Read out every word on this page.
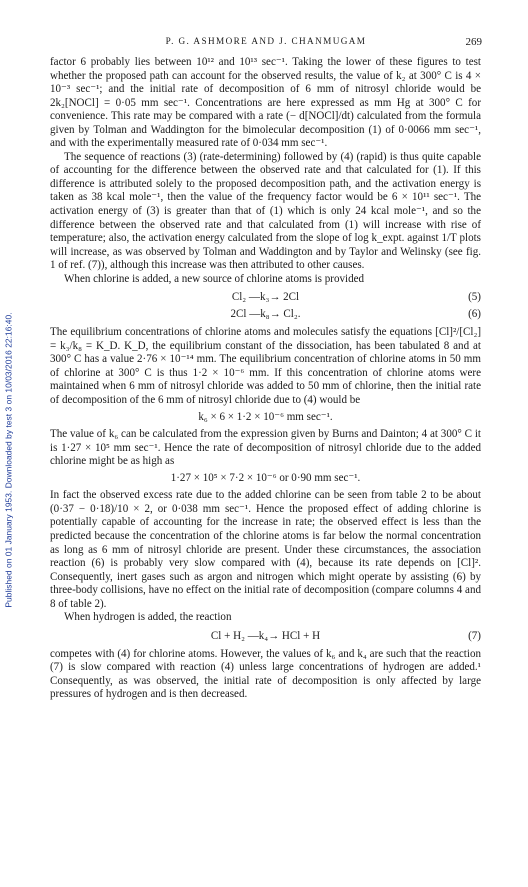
Published on 01 January 1953. Downloaded by test 3 on 10/03/2016 22:16:40.
P. G. ASHMORE AND J. CHANMUGAM	269

factor 6 probably lies between 10¹² and 10¹³ sec⁻¹. Taking the lower of these figures to test whether the proposed path can account for the observed results, the value of k₂ at 300° C is 4 × 10⁻³ sec⁻¹; and the initial rate of decomposition of 6 mm of nitrosyl chloride would be 2k₂[NOCl] = 0·05 mm sec⁻¹. Concentrations are here expressed as mm Hg at 300° C for convenience. This rate may be compared with a rate (− d[NOCl]/dt) calculated from the formula given by Tolman and Waddington for the bimolecular decomposition (1) of 0·0066 mm sec⁻¹, and with the experimentally measured rate of 0·034 mm sec⁻¹.

The sequence of reactions (3) (rate-determining) followed by (4) (rapid) is thus quite capable of accounting for the difference between the observed rate and that calculated for (1). If this difference is attributed solely to the proposed decomposition path, and the activation energy is taken as 38 kcal mole⁻¹, then the value of the frequency factor would be 6 × 10¹¹ sec⁻¹. The activation energy of (3) is greater than that of (1) which is only 24 kcal mole⁻¹, and so the difference between the observed rate and that calculated from (1) will increase with rise of temperature; also, the activation energy calculated from the slope of log k_expt. against 1/T plots will increase, as was observed by Tolman and Waddington and by Taylor and Welinsky (see fig. 1 of ref. (7)), although this increase was then attributed to other causes.

When chlorine is added, a new source of chlorine atoms is provided

Cl₂ —k₃→ 2Cl	(5)
2Cl —k₈→ Cl₂.	(6)

The equilibrium concentrations of chlorine atoms and molecules satisfy the equations [Cl]²/[Cl₂] = k₃/k₈ = K_D. K_D, the equilibrium constant of the dissociation, has been tabulated 8 and at 300° C has a value 2·76 × 10⁻¹⁴ mm. The equilibrium concentration of chlorine atoms in 50 mm of chlorine at 300° C is thus 1·2 × 10⁻⁶ mm. If this concentration of chlorine atoms were maintained when 6 mm of nitrosyl chloride was added to 50 mm of chlorine, then the initial rate of decomposition of the 6 mm of nitrosyl chloride due to (4) would be

k₆ × 6 × 1·2 × 10⁻⁶ mm sec⁻¹.

The value of k₆ can be calculated from the expression given by Burns and Dainton; 4 at 300° C it is 1·27 × 10⁵ mm sec⁻¹. Hence the rate of decomposition of nitrosyl chloride due to the added chlorine might be as high as

1·27 × 10⁵ × 7·2 × 10⁻⁶ or 0·90 mm sec⁻¹.

In fact the observed excess rate due to the added chlorine can be seen from table 2 to be about (0·37 − 0·18)/10 × 2, or 0·038 mm sec⁻¹. Hence the proposed effect of adding chlorine is potentially capable of accounting for the increase in rate; the observed effect is less than the predicted because the concentration of the chlorine atoms is far below the normal concentration as long as 6 mm of nitrosyl chloride are present. Under these circumstances, the association reaction (6) is probably very slow compared with (4), because its rate depends on [Cl]². Consequently, inert gases such as argon and nitrogen which might operate by assisting (6) by three-body collisions, have no effect on the initial rate of decomposition (compare columns 4 and 8 of table 2).

When hydrogen is added, the reaction

Cl + H₂ —k₄→ HCl + H	(7)

competes with (4) for chlorine atoms. However, the values of k₆ and k₄ are such that the reaction (7) is slow compared with reaction (4) unless large concentrations of hydrogen are added.¹ Consequently, as was observed, the initial rate of decomposition is only affected by large pressures of hydrogen and is then decreased.
